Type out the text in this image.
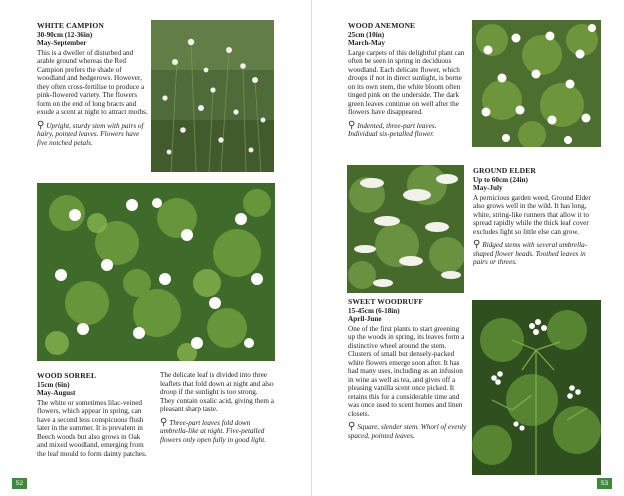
WHITE CAMPION
30-90cm (12-36in)
May-September
This is a dweller of disturbed and arable ground whereas the Red Campion prefers the shade of woodland and hedgerows. However, they often cross-fertilise to produce a pink-flowered variety. The flowers form on the end of long bracts and exude a scent at night to attract moths.
⚲ Upright, sturdy stem with pairs of hairy, pointed leaves. Flowers have five notched petals.
WOOD SORREL
15cm (6in)
May-August
The white or sometimes lilac-veined flowers, which appear in spring, can have a second less conspicuous flush later in the summer. It is prevalent in Beech woods but also grows in Oak and mixed woodland, emerging from the leaf mould to form dainty patches.
The delicate leaf is divided into three leaflets that fold down at night and also droop if the sunlight is too strong. They contain oxalic acid, giving them a pleasant sharp taste.
⚲ Three-part leaves fold down umbrella-like at night. Five-petalled flowers only open fully in good light.
52
WOOD ANEMONE
25cm (10in)
March-May
Large carpets of this delightful plant can often be seen in spring in deciduous woodland. Each delicate flower, which droops if not in direct sunlight, is borne on its own stem, the white bloom often tinged pink on the underside. The dark green leaves continue on well after the flowers have disappeared.
⚲ Indented, three-part leaves. Individual six-petalled flower.
GROUND ELDER
Up to 60cm (24in)
May-July
A pernicious garden weed, Ground Elder also grows well in the wild. It has long, white, string-like runners that allow it to spread rapidly while the thick leaf cover excludes light so little else can grow.
⚲ Ridged stems with several umbrella-shaped flower heads. Toothed leaves in pairs or threes.
SWEET WOODRUFF
15-45cm (6-18in)
April-June
One of the first plants to start greening up the woods in spring, its leaves form a distinctive wheel around the stem. Clusters of small but densely-packed white flowers emerge soon after. It has had many uses, including as an infusion in wine as well as tea, and gives off a pleasing vanilla scent once picked. It retains this for a considerable time and was once used to scent homes and linen closets.
⚲ Square, slender stem. Whorl of evenly spaced, pointed leaves.
53
